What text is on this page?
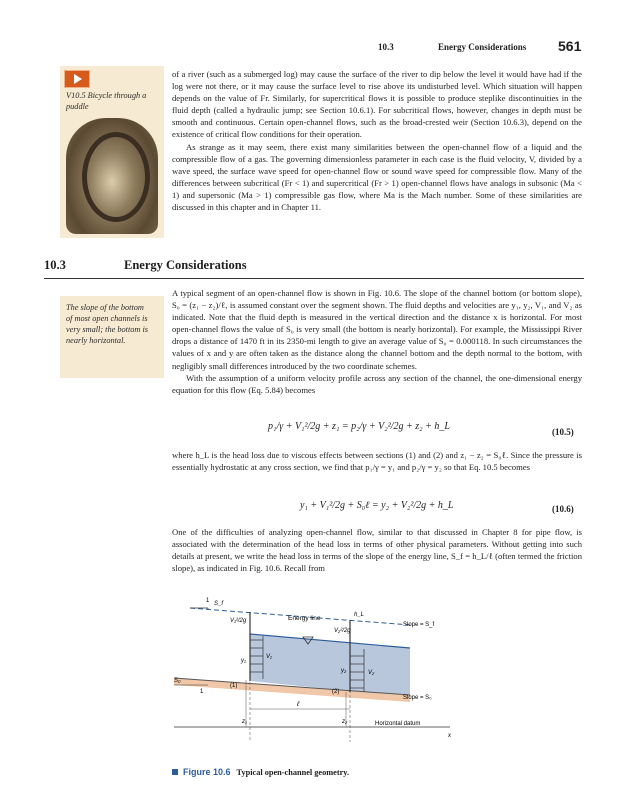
10.3	Energy Considerations 561
V10.5 Bicycle through a puddle
The slope of the bottom of most open channels is very small; the bottom is nearly horizontal.

of a river (such as a submerged log) may cause the surface of the river to dip below the level it would have had if the log were not there, or it may cause the surface level to rise above its undisturbed level. Which situation will happen depends on the value of Fr. Similarly, for supercritical flows it is possible to produce steplike discontinuities in the fluid depth (called a hydraulic jump; see Section 10.6.1). For subcritical flows, however, changes in depth must be smooth and continuous. Certain open-channel flows, such as the broad-crested weir (Section 10.6.3), depend on the existence of critical flow conditions for their operation.

As strange as it may seem, there exist many similarities between the open-channel flow of a liquid and the compressible flow of a gas. The governing dimensionless parameter in each case is the fluid velocity, V, divided by a wave speed, the surface wave speed for open-channel flow or sound wave speed for compressible flow. Many of the differences between subcritical (Fr < 1) and supercritical (Fr > 1) open-channel flows have analogs in subsonic (Ma < 1) and supersonic (Ma > 1) compressible gas flow, where Ma is the Mach number. Some of these similarities are discussed in this chapter and in Chapter 11.

10.3	Energy Considerations

A typical segment of an open-channel flow is shown in Fig. 10.6. The slope of the channel bottom (or bottom slope), S₀ = (z₁ − z₂)/ℓ, is assumed constant over the segment shown. The fluid depths and velocities are y₁, y₂, V₁, and V₂ as indicated. Note that the fluid depth is measured in the vertical direction and the distance x is horizontal. For most open-channel flows the value of S₀ is very small (the bottom is nearly horizontal). For example, the Mississippi River drops a distance of 1470 ft in its 2350-mi length to give an average value of S₀ = 0.000118. In such circumstances the values of x and y are often taken as the distance along the channel bottom and the depth normal to the bottom, with negligibly small differences introduced by the two coordinate schemes.

With the assumption of a uniform velocity profile across any section of the channel, the one-dimensional energy equation for this flow (Eq. 5.84) becomes

p₁/γ + V₁²/2g + z₁ = p₂/γ + V₂²/2g + z₂ + h_L	(10.5)

where h_L is the head loss due to viscous effects between sections (1) and (2) and z₁ − z₂ = S₀ℓ. Since the pressure is essentially hydrostatic at any cross section, we find that p₁/γ = y₁ and p₂/γ = y₂ so that Eq. 10.5 becomes

y₁ + V₁²/2g + S₀ℓ = y₂ + V₂²/2g + h_L	(10.6)

One of the difficulties of analyzing open-channel flow, similar to that discussed in Chapter 8 for pipe flow, is associated with the determination of the head loss in terms of other physical parameters. Without getting into such details at present, we write the head loss in terms of the slope of the energy line, S_f = h_L/ℓ (often termed the friction slope), as indicated in Fig. 10.6. Recall from

1 S_f
Energy line
Slope = S_f
Slope = S₀
Horizontal datum
h_L
V₁²/2g
V₂²/2g
y₁
y₂
V₁
V₂
(1)
(2)
z₁	z₂
ℓ
x
S₀
1
Figure 10.6 Typical open-channel geometry.
